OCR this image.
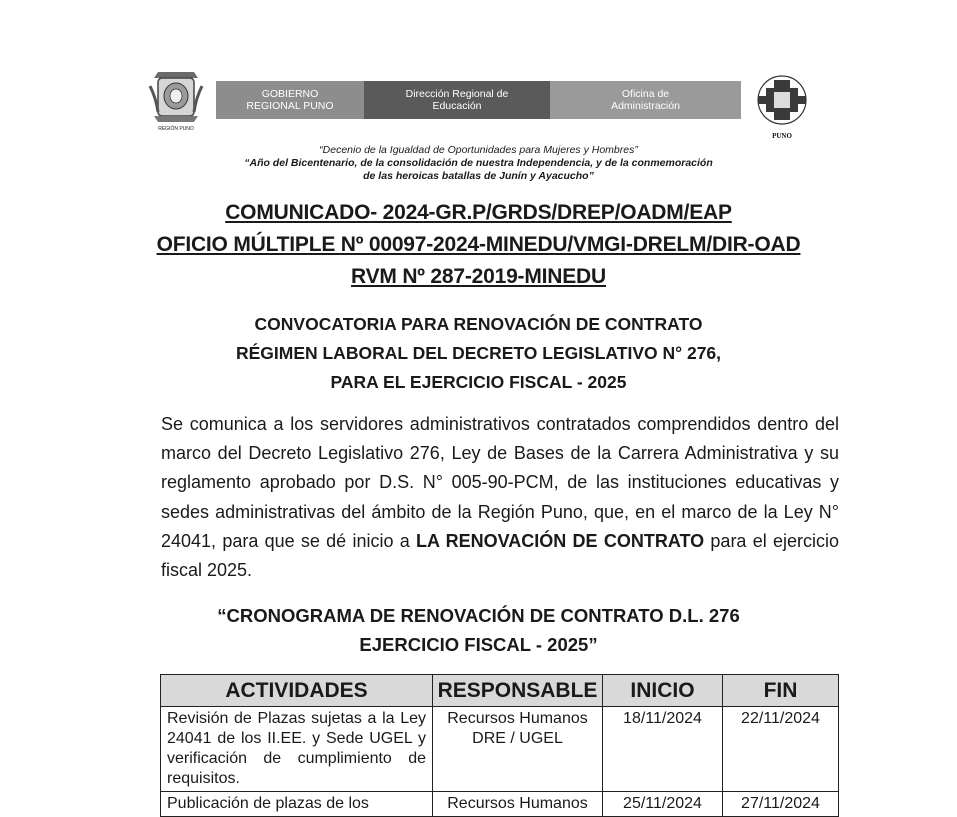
REGIÓN PUNO
GOBIERNO
REGIONAL PUNO
Dirección Regional de
Educación
Oficina de
Administración
PUNO
“Decenio de la Igualdad de Oportunidades para Mujeres y Hombres”
“Año del Bicentenario, de la consolidación de nuestra Independencia, y de la conmemoración
de las heroicas batallas de Junín y Ayacucho”
COMUNICADO- 2024-GR.P/GRDS/DREP/OADM/EAP
OFICIO MÚLTIPLE Nº 00097-2024-MINEDU/VMGI-DRELM/DIR-OAD
RVM Nº 287-2019-MINEDU
CONVOCATORIA PARA RENOVACIÓN DE CONTRATO
RÉGIMEN LABORAL DEL DECRETO LEGISLATIVO N° 276,
PARA EL EJERCICIO FISCAL - 2025

Se comunica a los servidores administrativos contratados comprendidos dentro del marco del Decreto Legislativo 276, Ley de Bases de la Carrera Administrativa y su reglamento aprobado por D.S. N° 005-90-PCM, de las instituciones educativas y sedes administrativas del ámbito de la Región Puno, que, en el marco de la Ley N° 24041, para que se dé inicio a LA RENOVACIÓN DE CONTRATO para el ejercicio fiscal 2025.

“CRONOGRAMA DE RENOVACIÓN DE CONTRATO D.L. 276
EJERCICIO FISCAL - 2025”
ACTIVIDADES	RESPONSABLE	INICIO	FIN
Revisión de Plazas sujetas a la Ley 24041 de los II.EE. y Sede UGEL y verificación de cumplimiento de requisitos.	Recursos Humanos DRE / UGEL	18/11/2024	22/11/2024
Publicación de plazas de los	Recursos Humanos	25/11/2024	27/11/2024
